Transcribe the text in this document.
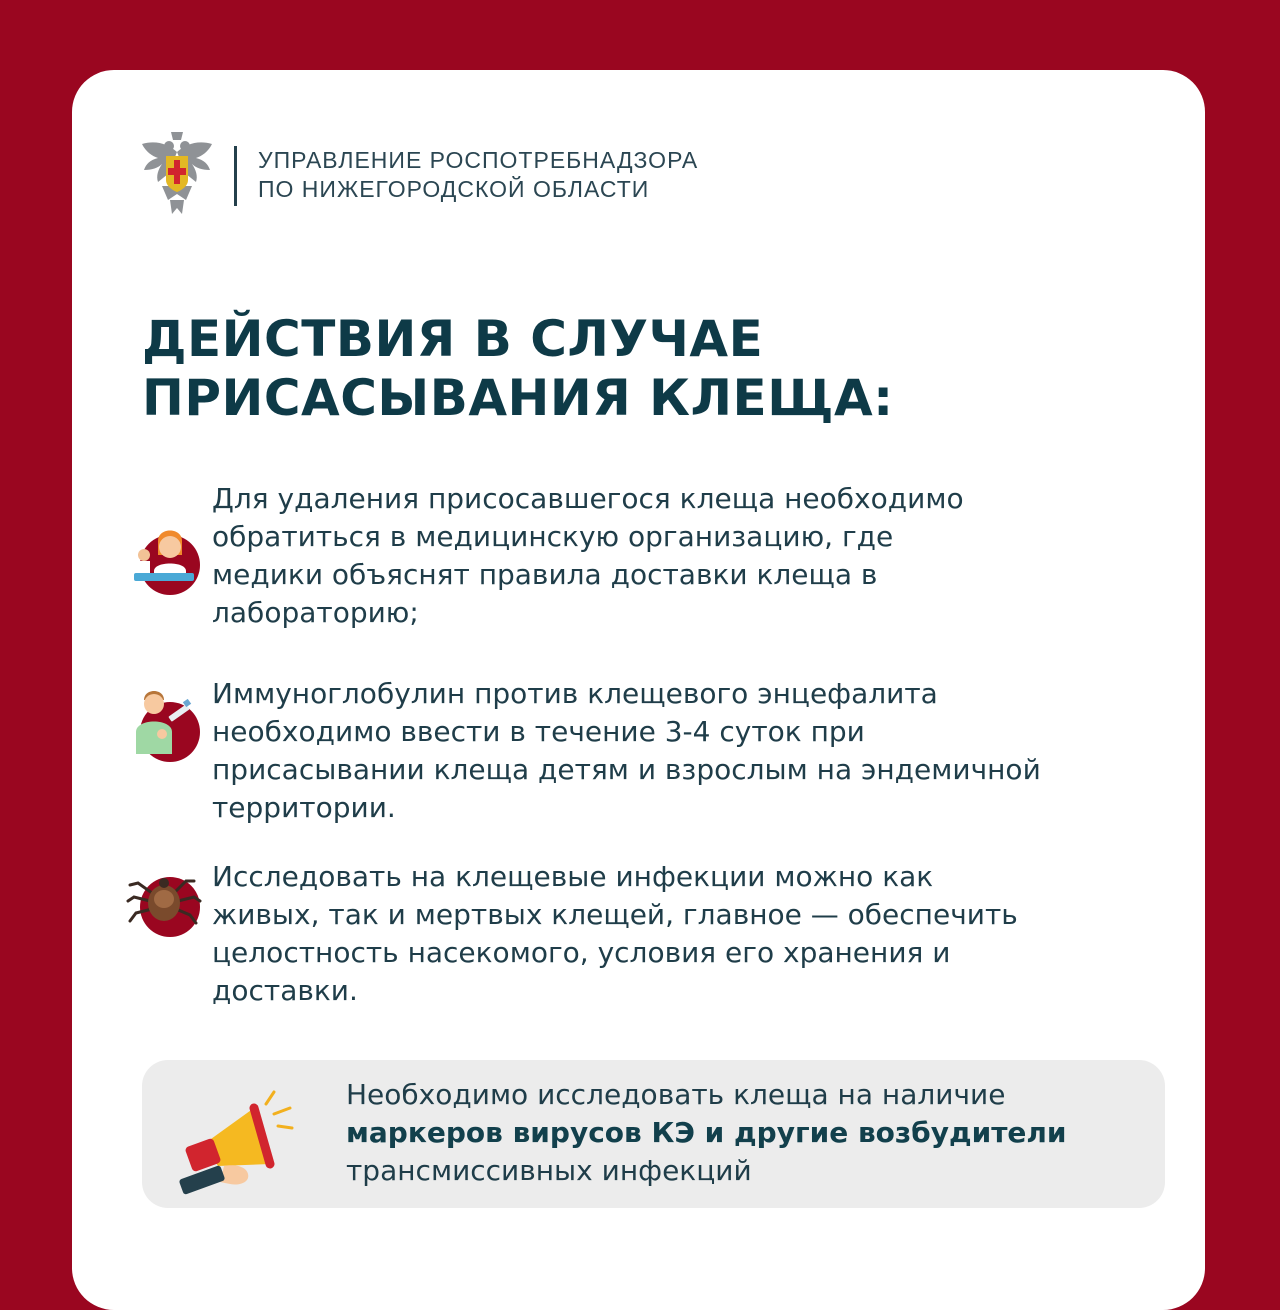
УПРАВЛЕНИЕ РОСПОТРЕБНАДЗОРА
ПО НИЖЕГОРОДСКОЙ ОБЛАСТИ
ДЕЙСТВИЯ В СЛУЧАЕ
ПРИСАСЫВАНИЯ КЛЕЩА:
Для удаления присосавшегося клеща необходимо
обратиться в медицинскую организацию, где
медики объяснят правила доставки клеща в
лабораторию;
Иммуноглобулин против клещевого энцефалита
необходимо ввести в течение 3-4 суток при
присасывании клеща детям и взрослым на эндемичной
территории.
Исследовать на клещевые инфекции можно как
живых, так и мертвых клещей, главное — обеспечить
целостность насекомого, условия его хранения и
доставки.
Необходимо исследовать клеща на наличие
маркеров вирусов КЭ и другие возбудители
трансмиссивных инфекций
